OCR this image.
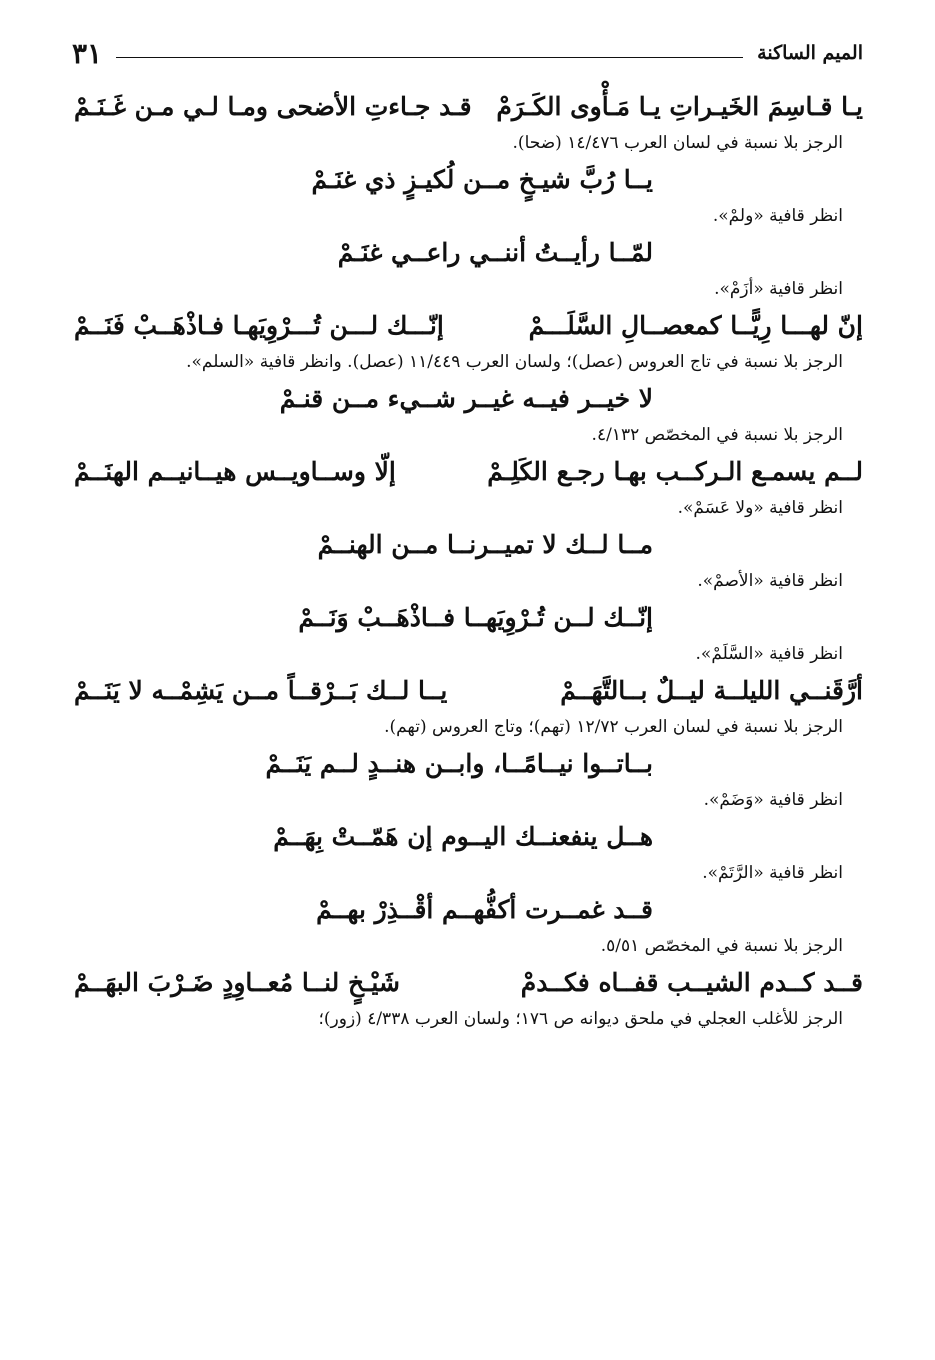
الميم الساكنة
٣١
يـا قـاسِمَ الخَيـراتِ يـا مَـأْوى الكَـرَمْ
قـد جـاءتِ الأضحى ومـا لـي مـن غَـنَـمْ
الرجز بلا نسبة في لسان العرب ١٤/٤٧٦ (ضحا).
يــا رُبَّ شيـخٍ مــن لُكيـزٍ ذي غنَـمْ
انظر قافية «ولمْ».
لمّــا رأيــتُ أننــي راعــي غنَـمْ
انظر قافية «أزَمْ».
إنّ لهـــا رِيًّــا كمعصــالِ السَّلَـــمْ
إنّـــك لـــن تُـــرْوِيَهـا فـاذْهَــبْ فَنَــمْ
الرجز بلا نسبة في تاج العروس (عصل)؛ ولسان العرب ١١/٤٤٩ (عصل). وانظر قافية «السلم».
لا خيــر فيــه غيــر شــيء مــن قنـمْ
الرجز بلا نسبة في المخصّص ٤/١٣٢.
لــم يسمـع الـركــب بهـا رجـع الكَلِـمْ
إلّا وســاويــس هيــانيــم الهنَــمْ
انظر قافية «ولا عَسَمْ».
مــا لــك لا تميــرنــا مــن الهنــمْ
انظر قافية «الأصمْ».
إنّــك لــن تُـرْوِيَهــا فــاذْهَــبْ وَنَــمْ
انظر قافية «السَّلَمْ».
أرَّقَنــي الليلــة ليــلٌ بــالتَّهَــمْ
يــا لــك بَــرْقــاً مــن يَشِمْــه لا يَنَــمْ
الرجز بلا نسبة في لسان العرب ١٢/٧٢ (تهم)؛ وتاج العروس (تهم).
بــاتــوا نيــامًــا، وابــن هنــدٍ لــم يَنَــمْ
انظر قافية «وَضَمْ».
هــل ينفعنــك اليــوم إن هَمّــتْ بِهَــمْ
انظر قافية «الرَّتَمْ».
قــد غمــرت أكفُّهــم أقْــذِرْ بهــمْ
الرجز بلا نسبة في المخصّص ٥/٥١.
قــد كــدم الشيــب قفــاه فكــدمْ
شَيْـخٍ لنــا مُعــاوِدٍ ضَـرْبَ البهَــمْ
الرجز للأغلب العجلي في ملحق ديوانه ص ١٧٦؛ ولسان العرب ٤/٣٣٨ (زور)؛
